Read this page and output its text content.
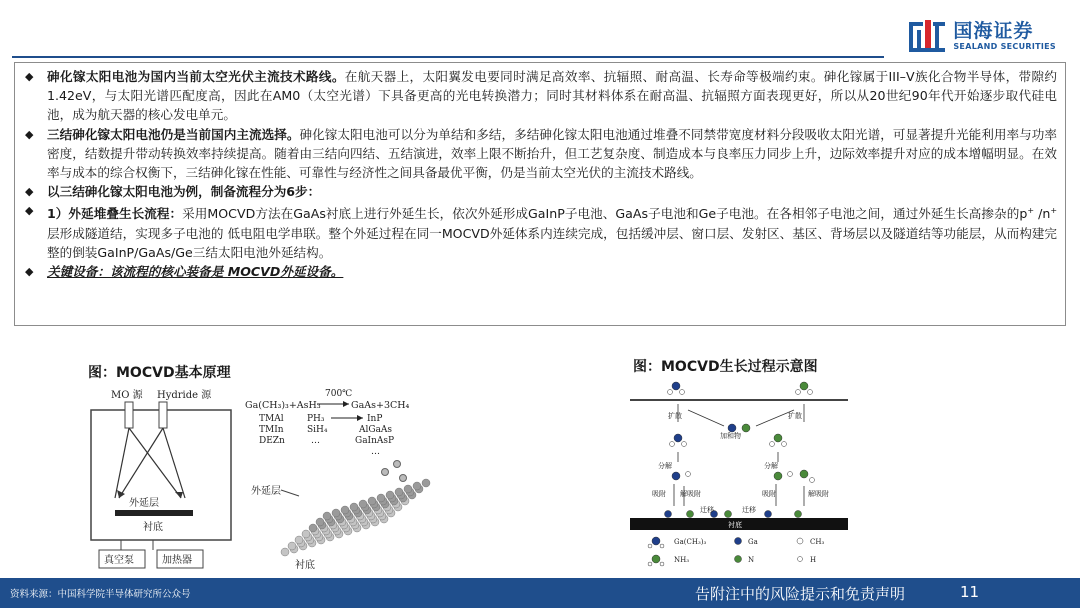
国海证券
SEALAND SECURITIES

◆ 砷化镓太阳电池为国内当前太空光伏主流技术路线。在航天器上，太阳翼发电要同时满足高效率、抗辐照、耐高温、长寿命等极端约束。砷化镓属于III–V族化合物半导体，带隙约1.42eV，与太阳光谱匹配度高，因此在AM0（太空光谱）下具备更高的光电转换潜力；同时其材料体系在耐高温、抗辐照方面表现更好，所以从20世纪90年代开始逐步取代硅电池，成为航天器的核心发电单元。

◆ 三结砷化镓太阳电池仍是当前国内主流选择。砷化镓太阳电池可以分为单结和多结，多结砷化镓太阳电池通过堆叠不同禁带宽度材料分段吸收太阳光谱，可显著提升光能利用率与功率密度，结数提升带动转换效率持续提高。随着由三结向四结、五结演进，效率上限不断抬升，但工艺复杂度、制造成本与良率压力同步上升，边际效率提升对应的成本增幅明显。在效率与成本的综合权衡下，三结砷化镓在性能、可靠性与经济性之间具备最优平衡，仍是当前太空光伏的主流技术路线。

◆ 以三结砷化镓太阳电池为例，制备流程分为6步：

◆ 1）外延堆叠生长流程：采用MOCVD方法在GaAs衬底上进行外延生长，依次外延形成GaInP子电池、GaAs子电池和Ge子电池。在各相邻子电池之间，通过外延生长高掺杂的p+ /n+ 层形成隧道结，实现多子电池的 低电阻电学串联。整个外延过程在同一MOCVD外延体系内连续完成，包括缓冲层、窗口层、发射区、基区、背场层以及隧道结等功能层，从而构建完整的倒装GaInP/GaAs/Ge三结太阳电池外延结构。

◆ 关键设备：该流程的核心装备是 MOCVD外延设备。

图：MOCVD基本原理	图：MOCVD生长过程示意图
MO 源 Hydride 源
外延层
衬底
真空泵	加热器
Ga(CH₃)₃+AsH₃
700℃
GaAs+3CH₄
TMAl
TMIn
DEZn
PH₃
SiH₄
…
InP
AlGaAs
GaInAsP
…
外延层
衬底
扩散	扩散
加和物
分解	分解
吸附 解吸附	吸附	解吸附
迁移	迁移
衬底
Ga(CH₃)₃	Ga	CH₃
NH₃	N	H
资料来源：中国科学院半导体研究所公众号	告附注中的风险提示和免责声明	11
